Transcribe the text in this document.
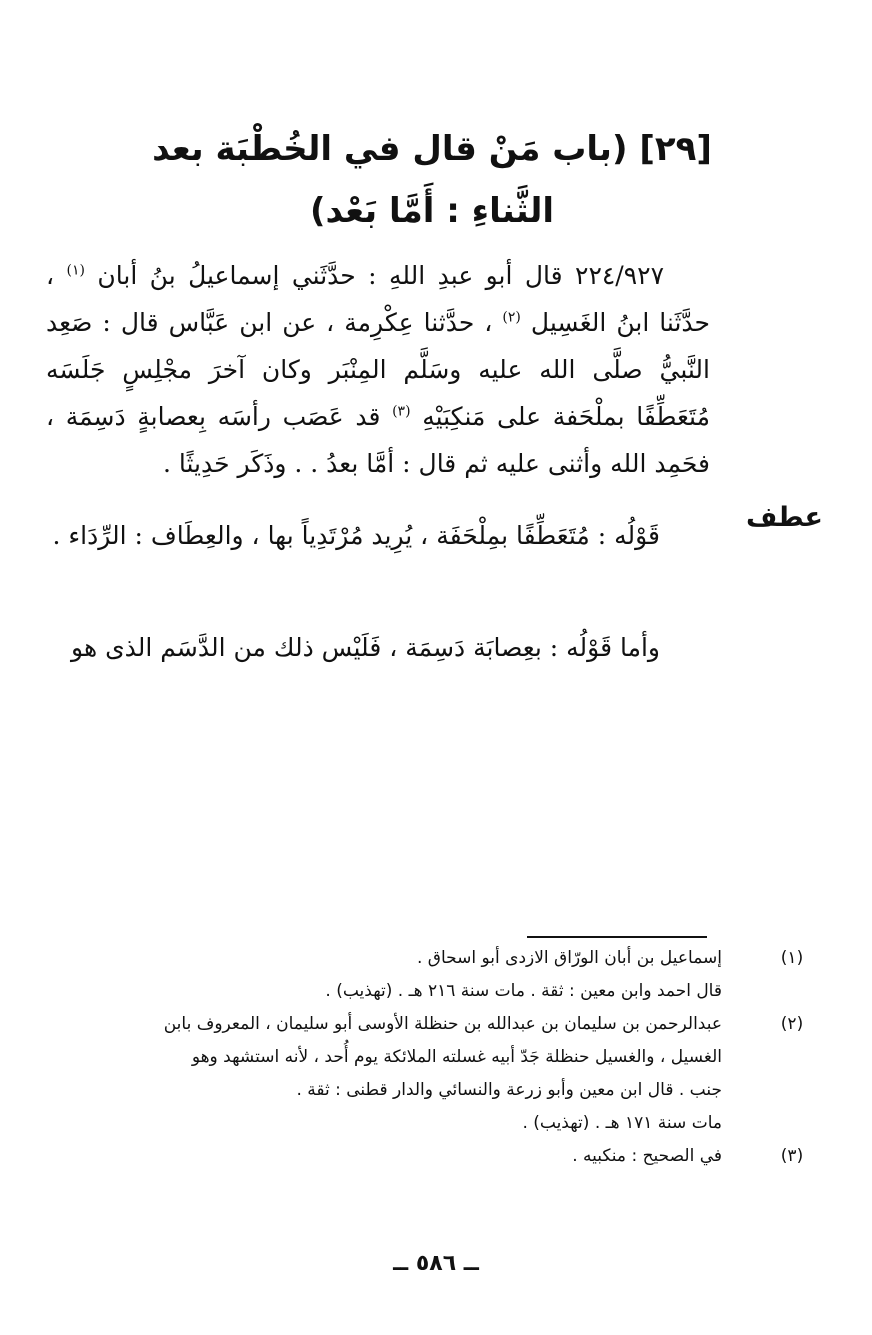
[٢٩] (باب مَنْ قال في الخُطْبَة بعد الثَّناءِ : أَمَّا بَعْد)

٢٢٤/٩٢٧ قال أبو عبدِ اللهِ : حدَّثَني إسماعيلُ بنُ أبان $^{(١)}$ ، حدَّثَنا ابنُ الغَسِيل $^{(٢)}$ ، حدَّثنا عِكْرِمة ، عن ابن عَبَّاس قال : صَعِد النَّبيُّ صلَّى الله عليه وسَلَّم المِنْبَر وكان آخرَ مجْلِسٍ جَلَسَه مُتَعَطِّفًا بملْحَفة على مَنكِبَيْهِ $^{(٣)}$ قد عَصَب رأسَه بِعصابةٍ دَسِمَة ، فحَمِد الله وأثنى عليه ثم قال : أمَّا بعدُ . . وذَكَر حَدِيثًا .

عطف

قَوْلُه : مُتَعَطِّفًا بمِلْحَفَة ، يُرِيد مُرْتَدِياً بها ، والعِطَاف : الرِّدَاء .

وأما قَوْلُه : بعِصابَة دَسِمَة ، فَلَيْس ذلك من الدَّسَم الذى هو

(١)
إسماعيل بن أبان الورّاق الازدى أبو اسحاق .
قال احمد وابن معين : ثقة . مات سنة ٢١٦ هـ . (تهذيب) .
(٢)
عبدالرحمن بن سليمان بن عبدالله بن حنظلة الأوسى أبو سليمان ، المعروف بابن
الغسيل ، والغسيل حنظلة جَدّ أبيه غسلته الملائكة يوم أُحد ، لأنه استشهد وهو
جنب . قال ابن معين وأبو زرعة والنسائي والدار قطنى : ثقة .
مات سنة ١٧١ هـ . (تهذيب) .
(٣)
في الصحيح : منكبيه .
ــ ٥٨٦ ــ
